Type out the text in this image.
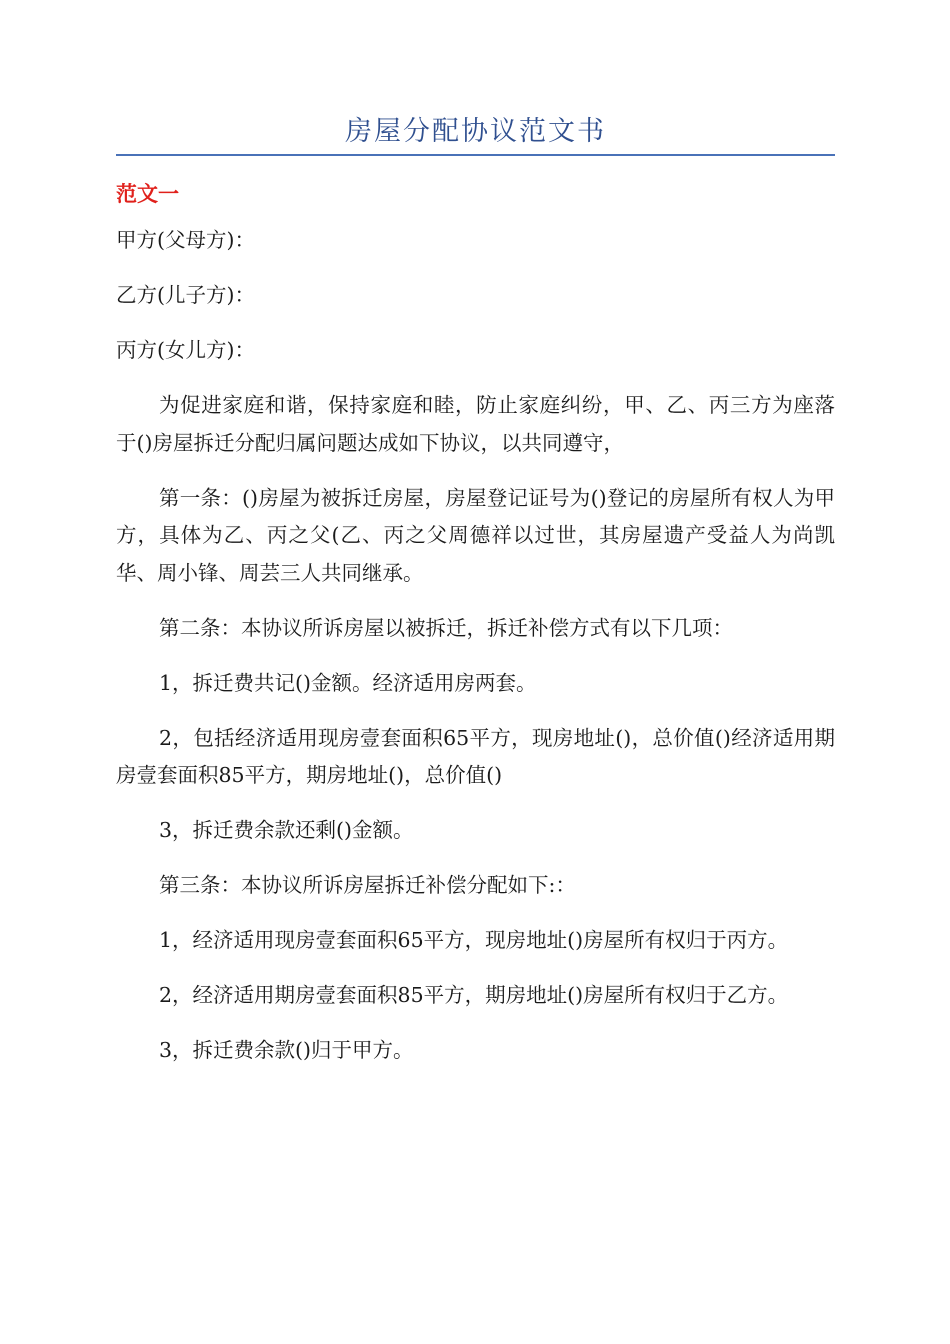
房屋分配协议范文书
范文一

甲方(父母方)：

乙方(儿子方)：

丙方(女儿方)：

为促进家庭和谐，保持家庭和睦，防止家庭纠纷，甲、乙、丙三方为座落于()房屋拆迁分配归属问题达成如下协议，以共同遵守，

第一条：()房屋为被拆迁房屋，房屋登记证号为()登记的房屋所有权人为甲方，具体为乙、丙之父(乙、丙之父周德祥以过世，其房屋遗产受益人为尚凯华、周小锋、周芸三人共同继承。

第二条：本协议所诉房屋以被拆迁，拆迁补偿方式有以下几项：

1，拆迁费共记()金额。经济适用房两套。

2，包括经济适用现房壹套面积65平方，现房地址()，总价值()经济适用期房壹套面积85平方，期房地址()，总价值()

3，拆迁费余款还剩()金额。

第三条：本协议所诉房屋拆迁补偿分配如下:：

1，经济适用现房壹套面积65平方，现房地址()房屋所有权归于丙方。

2，经济适用期房壹套面积85平方，期房地址()房屋所有权归于乙方。

3，拆迁费余款()归于甲方。
